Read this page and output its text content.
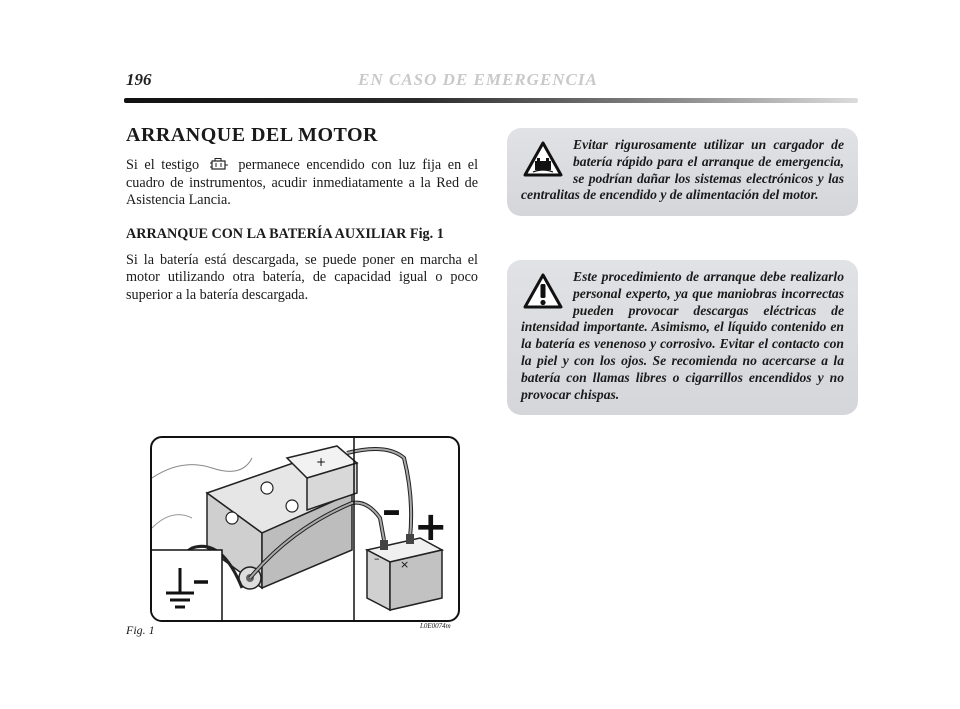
196	EN CASO DE EMERGENCIA
ARRANQUE DEL MOTOR

Si el testigo	permanece encendido con luz fija en el cuadro de instrumentos, acudir inmediatamente a la Red de Asistencia Lancia.

ARRANQUE CON LA BATERÍA AUXILIAR Fig. 1

Si la batería está descargada, se puede poner en marcha el motor utilizando otra batería, de capacidad igual o poco superior a la batería descargada.

Evitar rigurosamente utilizar un cargador de batería rápido para el arranque de emergencia, se podrían dañar los sistemas electrónicos y las centralitas de encendido y de alimentación del motor.
Este procedimiento de arranque debe realizarlo personal experto, ya que maniobras incorrectas pueden provocar descargas eléctricas de intensidad importante. Asimismo, el líquido contenido en la batería es venenoso y corrosivo. Evitar el contacto con la piel y con los ojos. Se recomienda no acercarse a la batería con llamas libres o cigarrillos encendidos y no provocar chispas.
+
– ×
– +
Fig. 1	L0E0074m
